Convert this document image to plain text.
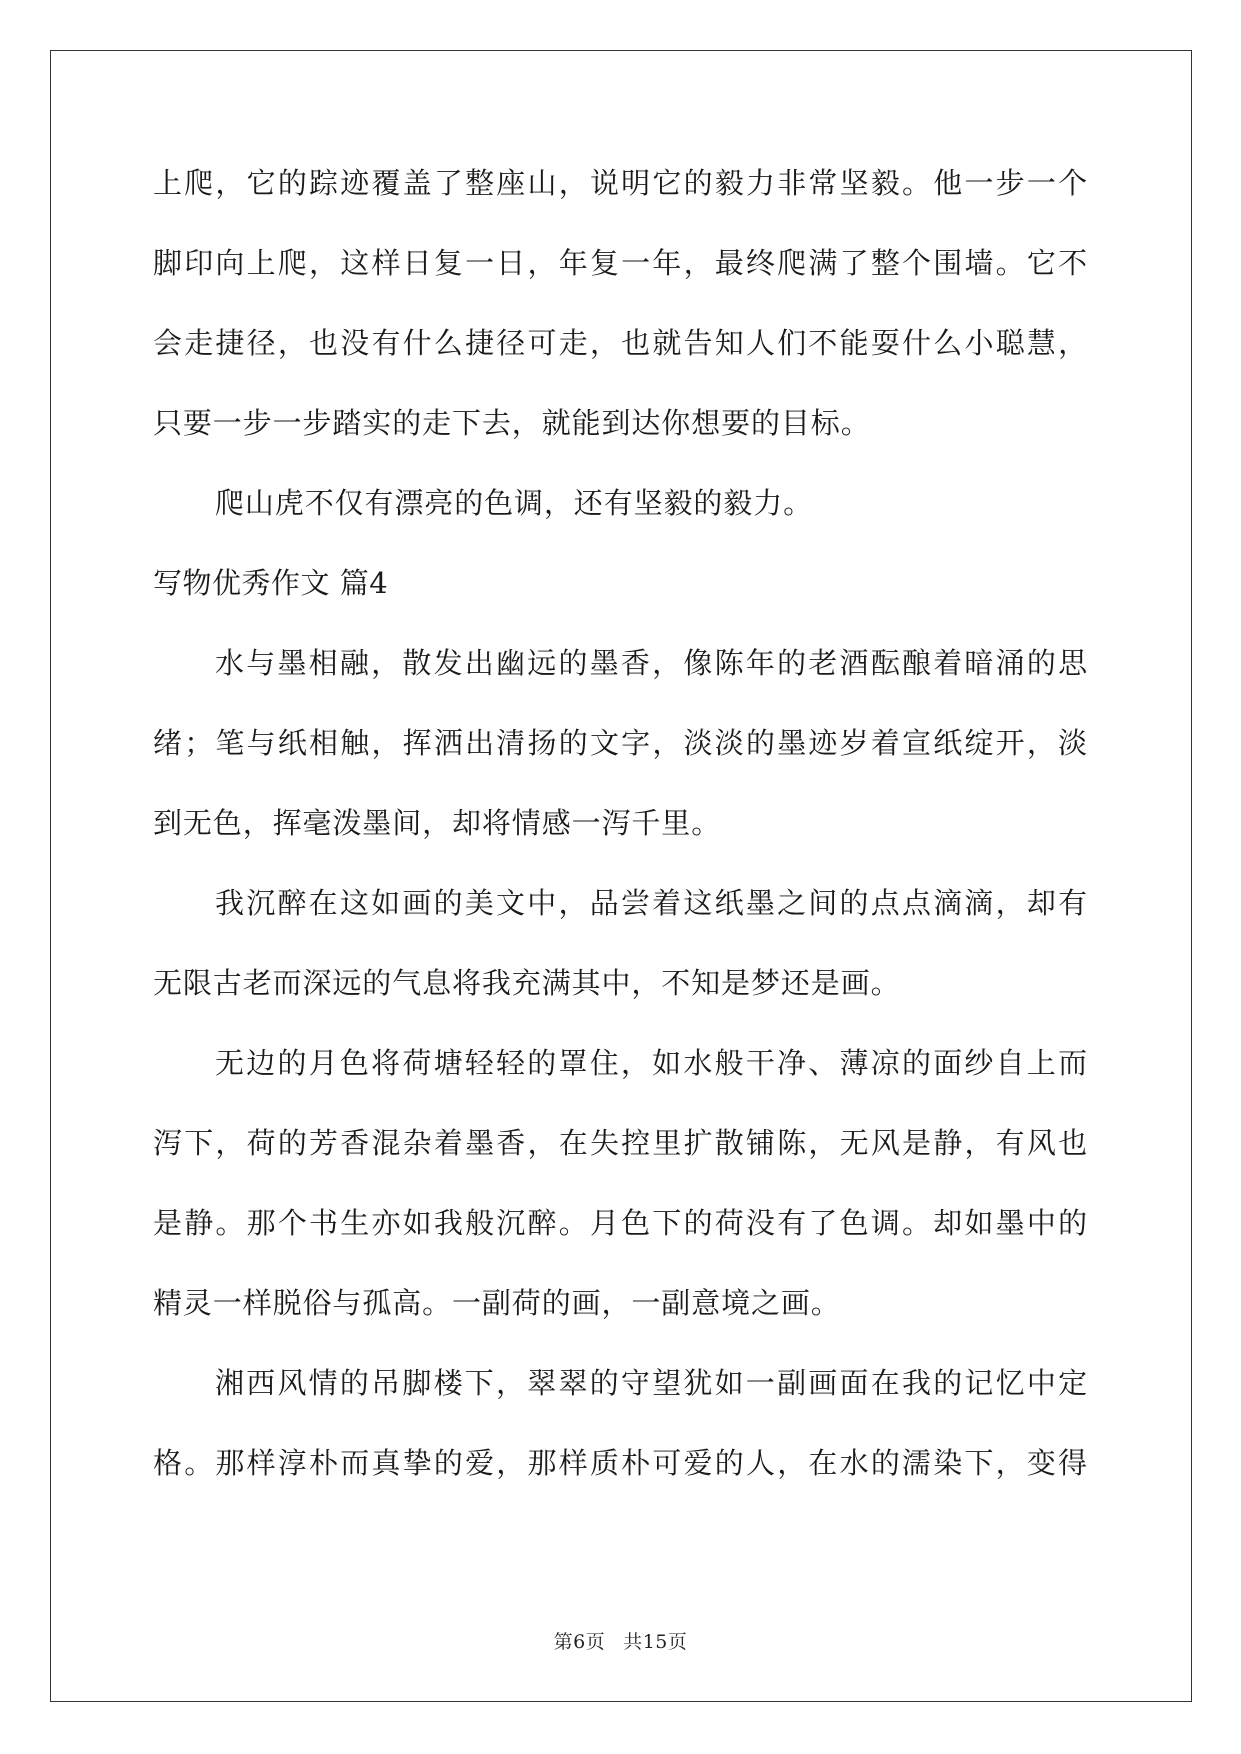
上爬，它的踪迹覆盖了整座山，说明它的毅力非常坚毅。他一步一个
脚印向上爬，这样日复一日，年复一年，最终爬满了整个围墙。它不
会走捷径，也没有什么捷径可走，也就告知人们不能耍什么小聪慧，
只要一步一步踏实的走下去，就能到达你想要的目标。
爬山虎不仅有漂亮的色调，还有坚毅的毅力。
写物优秀作文 篇4
水与墨相融，散发出幽远的墨香，像陈年的老酒酝酿着暗涌的思
绪；笔与纸相触，挥洒出清扬的文字，淡淡的墨迹岁着宣纸绽开，淡
到无色，挥毫泼墨间，却将情感一泻千里。
我沉醉在这如画的美文中，品尝着这纸墨之间的点点滴滴，却有
无限古老而深远的气息将我充满其中，不知是梦还是画。
无边的月色将荷塘轻轻的罩住，如水般干净、薄凉的面纱自上而
泻下，荷的芳香混杂着墨香，在失控里扩散铺陈，无风是静，有风也
是静。那个书生亦如我般沉醉。月色下的荷没有了色调。却如墨中的
精灵一样脱俗与孤高。一副荷的画，一副意境之画。
湘西风情的吊脚楼下，翠翠的守望犹如一副画面在我的记忆中定
格。那样淳朴而真挚的爱，那样质朴可爱的人，在水的濡染下，变得
第6页 共15页
